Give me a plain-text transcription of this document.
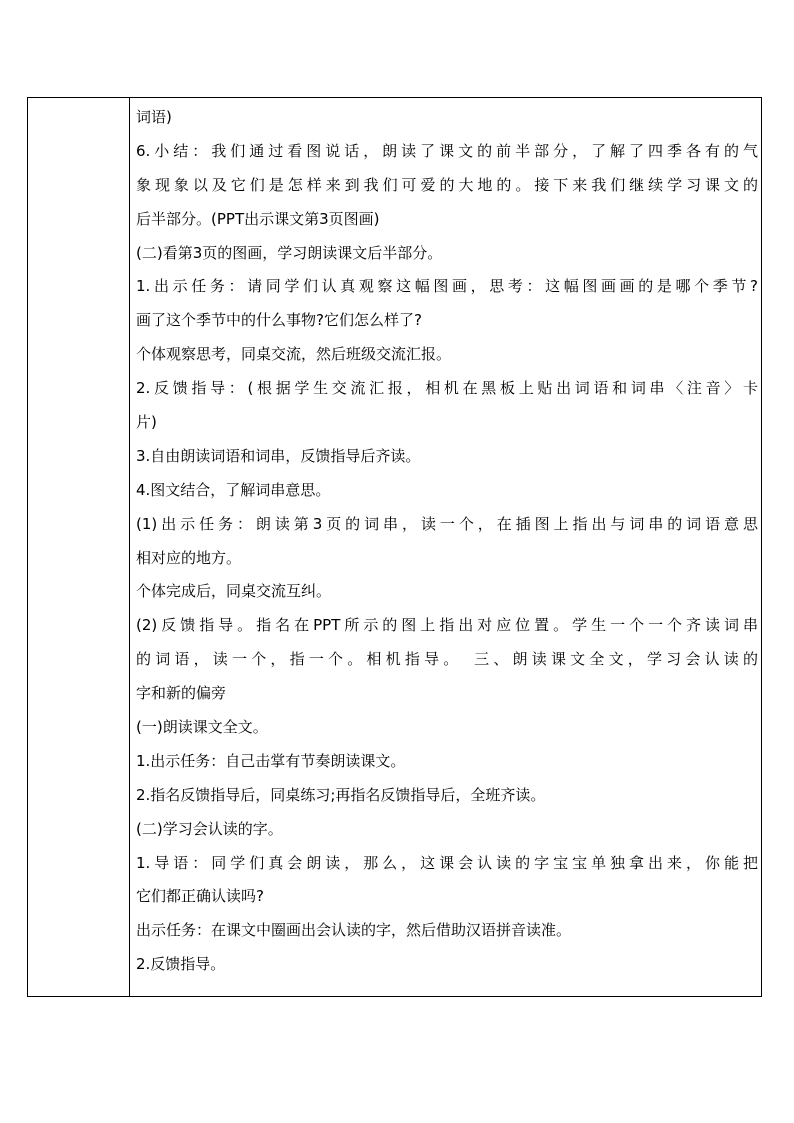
词语)
6.小结：我们通过看图说话，朗读了课文的前半部分，了解了四季各有的气
象现象以及它们是怎样来到我们可爱的大地的。接下来我们继续学习课文的
后半部分。(PPT出示课文第3页图画)
(二)看第3页的图画，学习朗读课文后半部分。
1.出示任务：请同学们认真观察这幅图画，思考：这幅图画画的是哪个季节?
画了这个季节中的什么事物?它们怎么样了?
个体观察思考，同桌交流，然后班级交流汇报。
2.反馈指导：(根据学生交流汇报，相机在黑板上贴出词语和词串〈注音〉卡
片)
3.自由朗读词语和词串，反馈指导后齐读。
4.图文结合，了解词串意思。
(1)出示任务：朗读第3页的词串，读一个，在插图上指出与词串的词语意思
相对应的地方。
个体完成后，同桌交流互纠。
(2)反馈指导。指名在PPT所示的图上指出对应位置。学生一个一个齐读词串
的词语，读一个，指一个。相机指导。　三、朗读课文全文，学习会认读的
字和新的偏旁
(一)朗读课文全文。
1.出示任务：自己击掌有节奏朗读课文。
2.指名反馈指导后，同桌练习;再指名反馈指导后，全班齐读。
(二)学习会认读的字。
1.导语：同学们真会朗读，那么，这课会认读的字宝宝单独拿出来，你能把
它们都正确认读吗?
出示任务：在课文中圈画出会认读的字，然后借助汉语拼音读准。
2.反馈指导。
